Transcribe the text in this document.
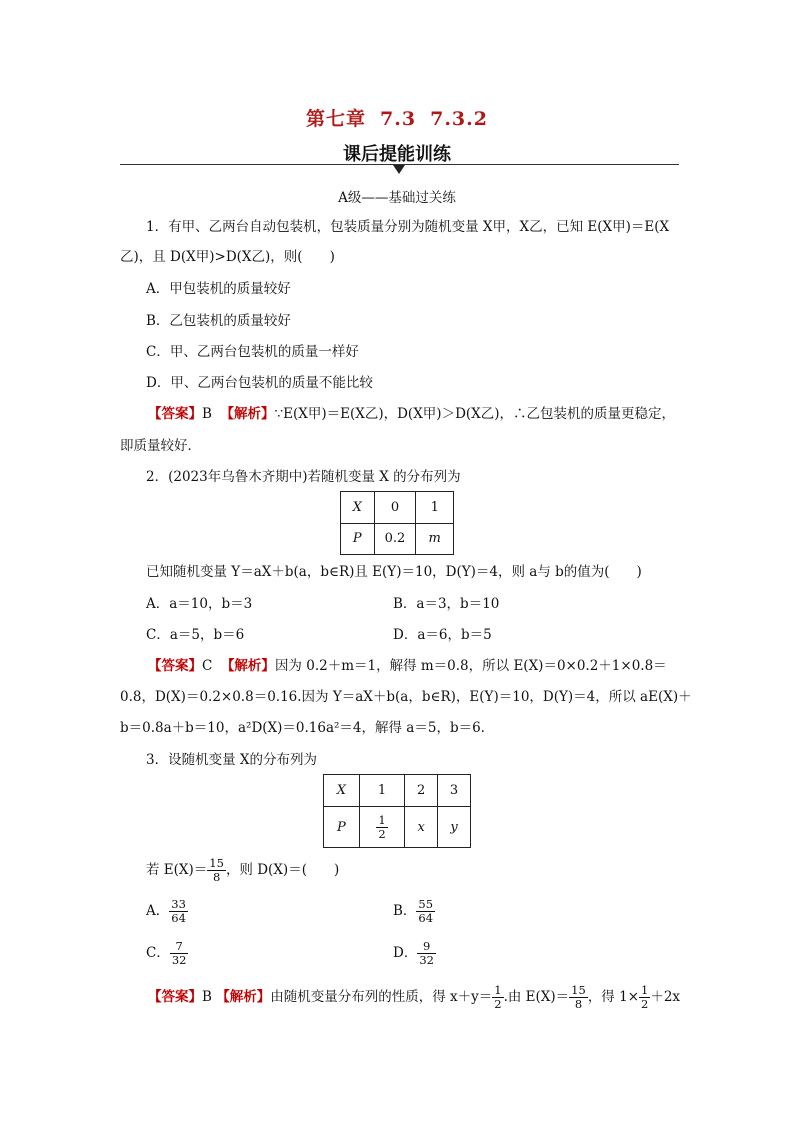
第七章 7.3 7.3.2
课后提能训练
A级——基础过关练
1．有甲、乙两台自动包装机，包装质量分别为随机变量 X甲，X乙，已知 E(X甲)＝E(X
乙)，且 D(X甲)>D(X乙)，则(　　)
A．甲包装机的质量较好
B．乙包装机的质量较好
C．甲、乙两台包装机的质量一样好
D．甲、乙两台包装机的质量不能比较
【答案】B 【解析】∵E(X甲)＝E(X乙)，D(X甲)＞D(X乙)，∴乙包装机的质量更稳定，
即质量较好．
2．(2023年乌鲁木齐期中)若随机变量 X 的分布列为
X	0	1
P	0.2	m
已知随机变量 Y＝aX＋b(a，b∈R)且 E(Y)＝10，D(Y)＝4，则 a与 b的值为(　　)
A．a＝10，b＝3	B．a＝3，b＝10
C．a＝5，b＝6	D．a＝6，b＝5
【答案】C 【解析】因为 0.2＋m＝1，解得 m＝0.8，所以 E(X)＝0×0.2＋1×0.8＝
0.8，D(X)＝0.2×0.8＝0.16.因为 Y＝aX＋b(a，b∈R)，E(Y)＝10，D(Y)＝4，所以 aE(X)＋
b＝0.8a＋b＝10，a²D(X)＝0.16a²＝4，解得 a＝5，b＝6.
3．设随机变量 X的分布列为
X	1	2	3
P	$\frac{1}{2}$	x	y
若 $E(X)= \frac{15}{8}$ ，则 D(X)＝(　　)
A． $\frac{33}{64}$	B． $\frac{55}{64}$
C． $\frac{7}{32}$	D． $\frac{9}{32}$
【答案】B 【解析】由随机变量分布列的性质，得 $x+y= \frac{1}{2}$ .由 $E(X)= \frac{15}{8}$ ，得 $1\times \frac{1}{2} +2x$
